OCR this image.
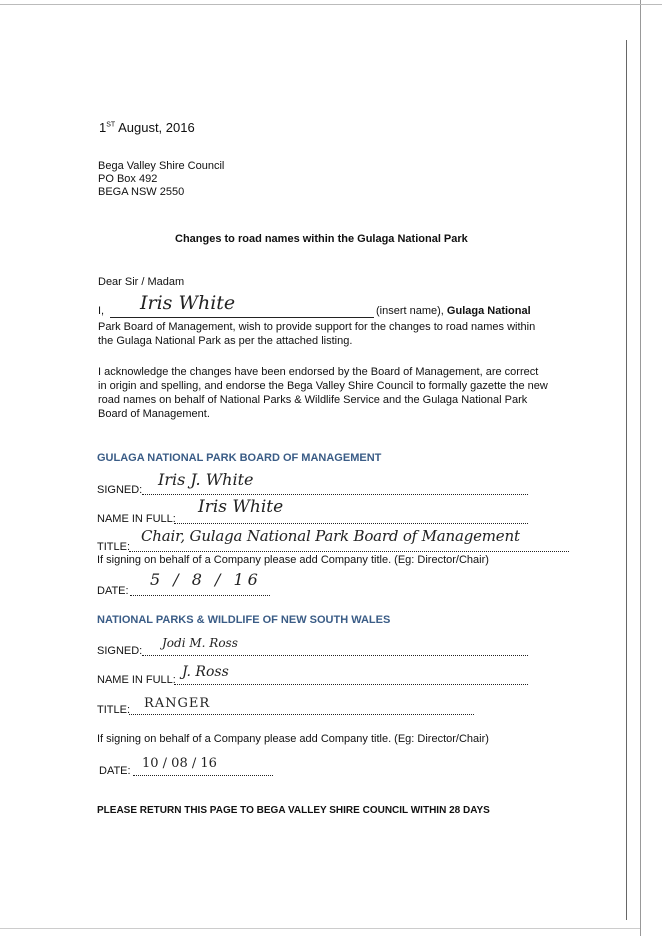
1ST August, 2016
Bega Valley Shire Council
PO Box 492
BEGA NSW 2550
Changes to road names within the Gulaga National Park
Dear Sir / Madam
I, Iris White	(insert name), Gulaga National
Park Board of Management, wish to provide support for the changes to road names within the Gulaga National Park as per the attached listing.
I acknowledge the changes have been endorsed by the Board of Management, are correct in origin and spelling, and endorse the Bega Valley Shire Council to formally gazette the new road names on behalf of National Parks & Wildlife Service and the Gulaga National Park Board of Management.
GULAGA NATIONAL PARK BOARD OF MANAGEMENT
SIGNED:
Iris J. White
NAME IN FULL:
Iris White
TITLE:
Chair, Gulaga National Park Board of Management
If signing on behalf of a Company please add Company title. (Eg: Director/Chair)
DATE:
5 / 8 / 16
NATIONAL PARKS & WILDLIFE OF NEW SOUTH WALES
SIGNED:
Jodi M. Ross
NAME IN FULL: J. Ross
TITLE: RANGER
If signing on behalf of a Company please add Company title. (Eg: Director/Chair)
DATE: 10 / 08 / 16
PLEASE RETURN THIS PAGE TO BEGA VALLEY SHIRE COUNCIL WITHIN 28 DAYS
